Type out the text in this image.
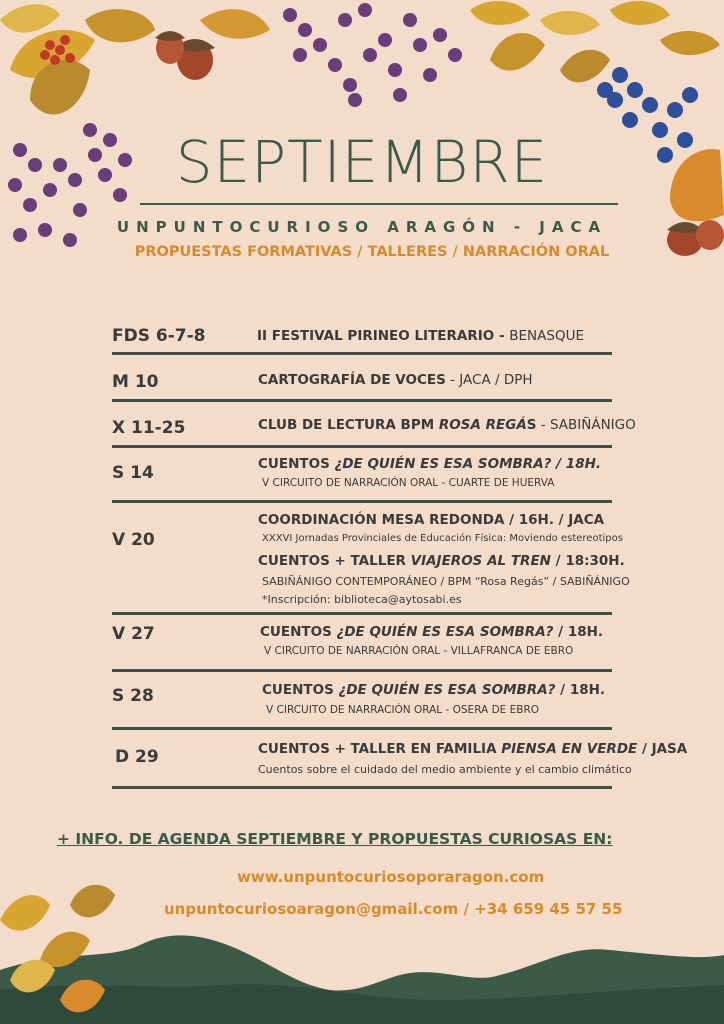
SEPTIEMBRE
UNPUNTOCURIOSO ARAGÓN - JACA
PROPUESTAS FORMATIVAS / TALLERES / NARRACIÓN ORAL
FDS 6-7-8	II FESTIVAL PIRINEO LITERARIO - BENASQUE
M 10	CARTOGRAFÍA DE VOCES - JACA / DPH
X 11-25	CLUB DE LECTURA BPM ROSA REGÁS - SABIÑÁNIGO
S 14	CUENTOS ¿DE QUIÉN ES ESA SOMBRA? / 18H.
V CIRCUITO DE NARRACIÓN ORAL - CUARTE DE HUERVA
V 20
COORDINACIÓN MESA REDONDA / 16H. / JACA
XXXVI Jornadas Provinciales de Educación Física: Moviendo estereotipos
CUENTOS + TALLER VIAJEROS AL TREN / 18:30H.
SABIÑÁNIGO CONTEMPORÁNEO / BPM “Rosa Regás” / SABIÑÁNIGO
*Inscripción: biblioteca@aytosabi.es
V 27	CUENTOS ¿DE QUIÉN ES ESA SOMBRA? / 18H.
V CIRCUITO DE NARRACIÓN ORAL - VILLAFRANCA DE EBRO
S 28	CUENTOS ¿DE QUIÉN ES ESA SOMBRA? / 18H.
V CIRCUITO DE NARRACIÓN ORAL - OSERA DE EBRO
D 29	CUENTOS + TALLER EN FAMILIA PIENSA EN VERDE / JASA
Cuentos sobre el cuidado del medio ambiente y el cambio climático
+ INFO. DE AGENDA SEPTIEMBRE Y PROPUESTAS CURIOSAS EN:
www.unpuntocuriosoporaragon.com
unpuntocuriosoaragon@gmail.com / +34 659 45 57 55
